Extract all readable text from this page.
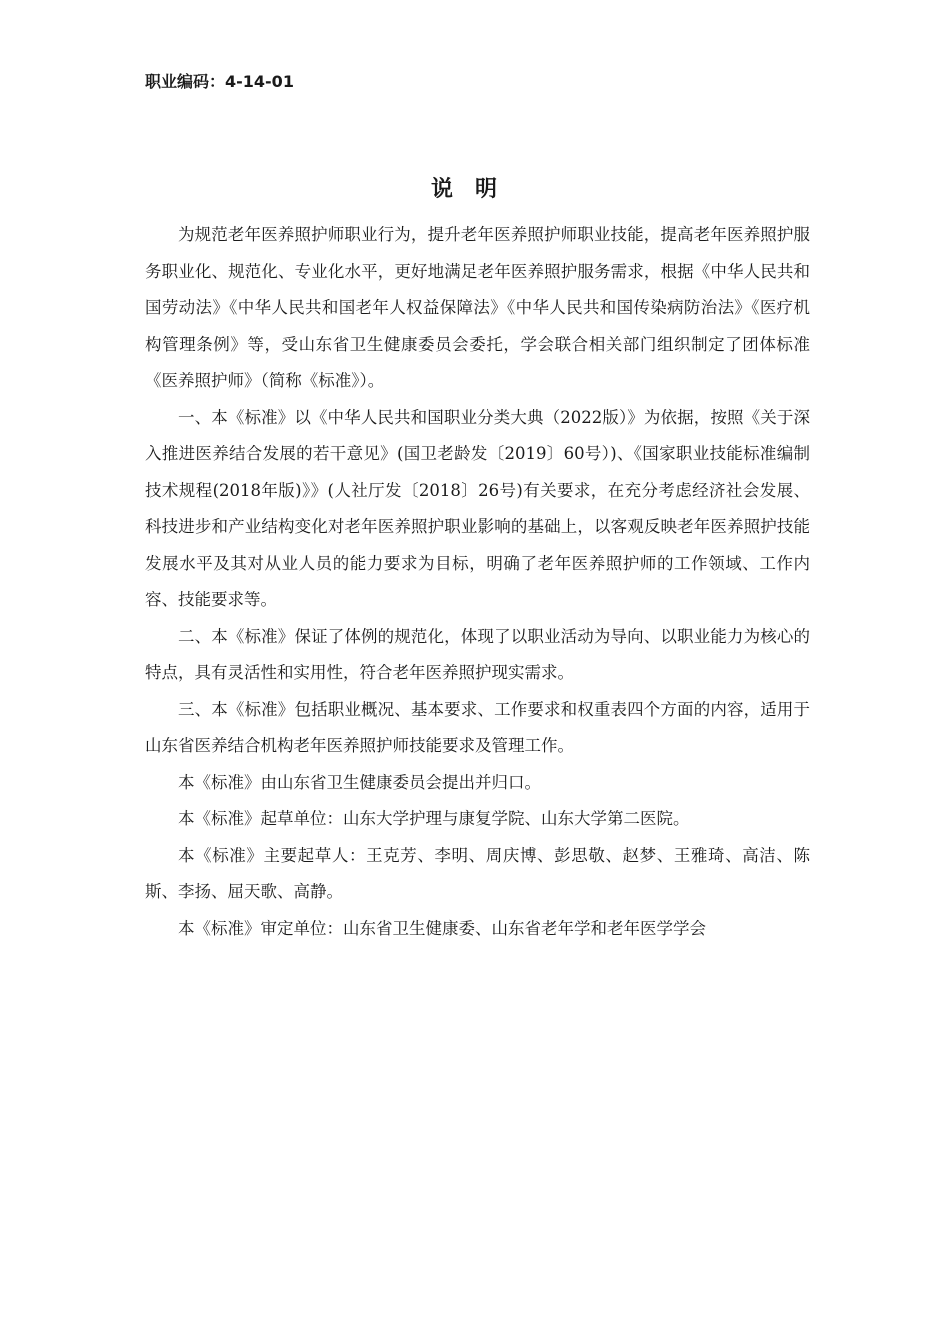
职业编码：4-14-01
说明

为规范老年医养照护师职业行为，提升老年医养照护师职业技能，提高老年医养照护服务职业化、规范化、专业化水平，更好地满足老年医养照护服务需求，根据《中华人民共和国劳动法》《中华人民共和国老年人权益保障法》《中华人民共和国传染病防治法》《医疗机构管理条例》等，受山东省卫生健康委员会委托，学会联合相关部门组织制定了团体标准《医养照护师》（简称《标准》）。

一、本《标准》以《中华人民共和国职业分类大典（2022版）》为依据，按照《关于深入推进医养结合发展的若干意见》(国卫老龄发〔2019〕60号）)、《国家职业技能标准编制技术规程(2018年版)》》(人社厅发〔2018〕26号)有关要求，在充分考虑经济社会发展、科技进步和产业结构变化对老年医养照护职业影响的基础上，以客观反映老年医养照护技能发展水平及其对从业人员的能力要求为目标，明确了老年医养照护师的工作领域、工作内容、技能要求等。

二、本《标准》保证了体例的规范化，体现了以职业活动为导向、以职业能力为核心的特点，具有灵活性和实用性，符合老年医养照护现实需求。

三、本《标准》包括职业概况、基本要求、工作要求和权重表四个方面的内容，适用于山东省医养结合机构老年医养照护师技能要求及管理工作。

本《标准》由山东省卫生健康委员会提出并归口。

本《标准》起草单位：山东大学护理与康复学院、山东大学第二医院。

本《标准》主要起草人：王克芳、李明、周庆博、彭思敬、赵梦、王雅琦、高洁、陈斯、李扬、屈天歌、高静。

本《标准》审定单位：山东省卫生健康委、山东省老年学和老年医学学会
